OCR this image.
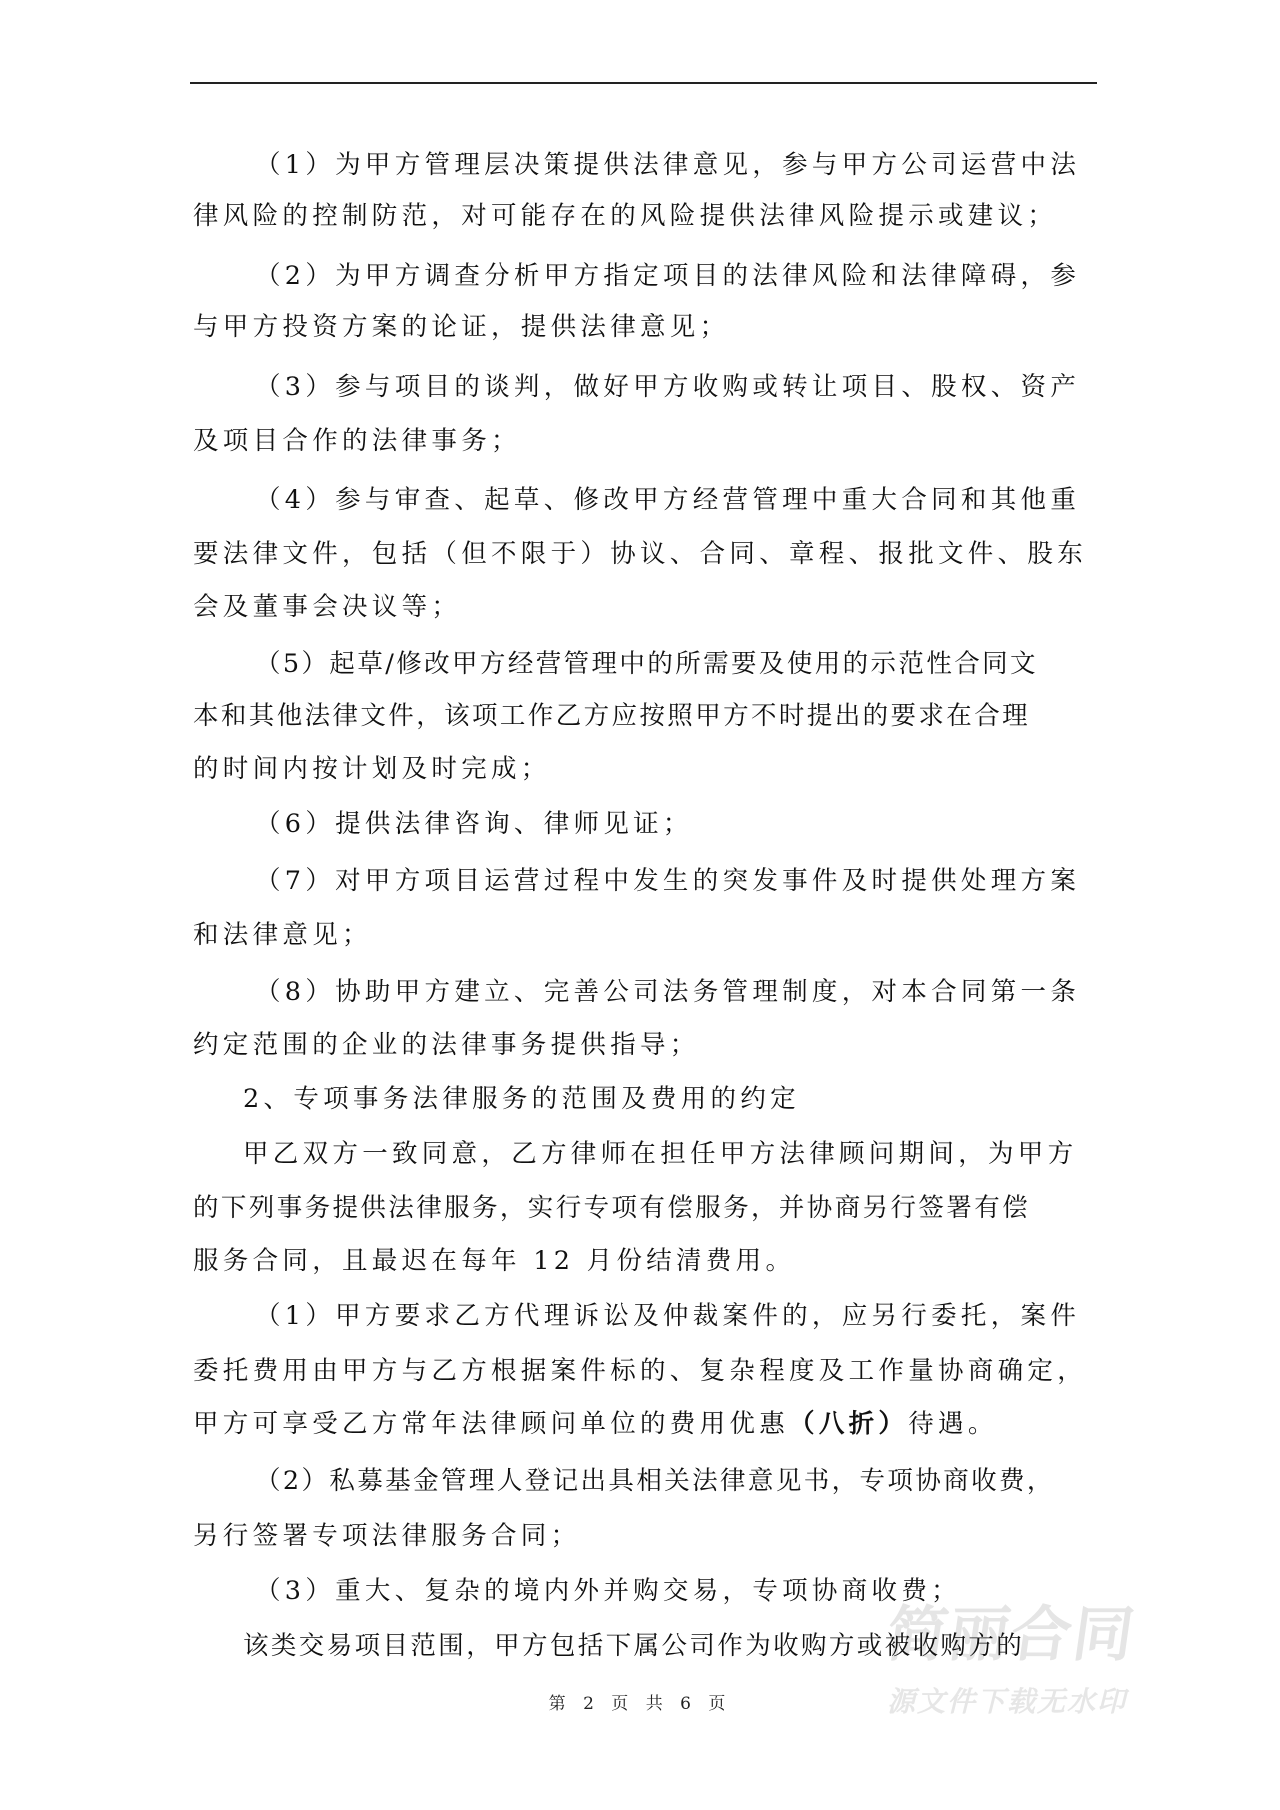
简丽合同
源文件下载无水印
（1）为甲方管理层决策提供法律意见，参与甲方公司运营中法
律风险的控制防范，对可能存在的风险提供法律风险提示或建议；
（2）为甲方调查分析甲方指定项目的法律风险和法律障碍，参
与甲方投资方案的论证，提供法律意见；
（3）参与项目的谈判，做好甲方收购或转让项目、股权、资产
及项目合作的法律事务；
（4）参与审查、起草、修改甲方经营管理中重大合同和其他重
要法律文件，包括（但不限于）协议、合同、章程、报批文件、股东
会及董事会决议等；
（5）起草/修改甲方经营管理中的所需要及使用的示范性合同文
本和其他法律文件，该项工作乙方应按照甲方不时提出的要求在合理
的时间内按计划及时完成；
（6）提供法律咨询、律师见证；
（7）对甲方项目运营过程中发生的突发事件及时提供处理方案
和法律意见；
（8）协助甲方建立、完善公司法务管理制度，对本合同第一条
约定范围的企业的法律事务提供指导；
2、专项事务法律服务的范围及费用的约定
甲乙双方一致同意，乙方律师在担任甲方法律顾问期间，为甲方
的下列事务提供法律服务，实行专项有偿服务，并协商另行签署有偿
服务合同，且最迟在每年 12 月份结清费用。
（1）甲方要求乙方代理诉讼及仲裁案件的，应另行委托，案件
委托费用由甲方与乙方根据案件标的、复杂程度及工作量协商确定，
甲方可享受乙方常年法律顾问单位的费用优惠（八折）待遇。
（2）私募基金管理人登记出具相关法律意见书，专项协商收费，
另行签署专项法律服务合同；
（3）重大、复杂的境内外并购交易，专项协商收费；
该类交易项目范围，甲方包括下属公司作为收购方或被收购方的
第 2 页 共 6 页
